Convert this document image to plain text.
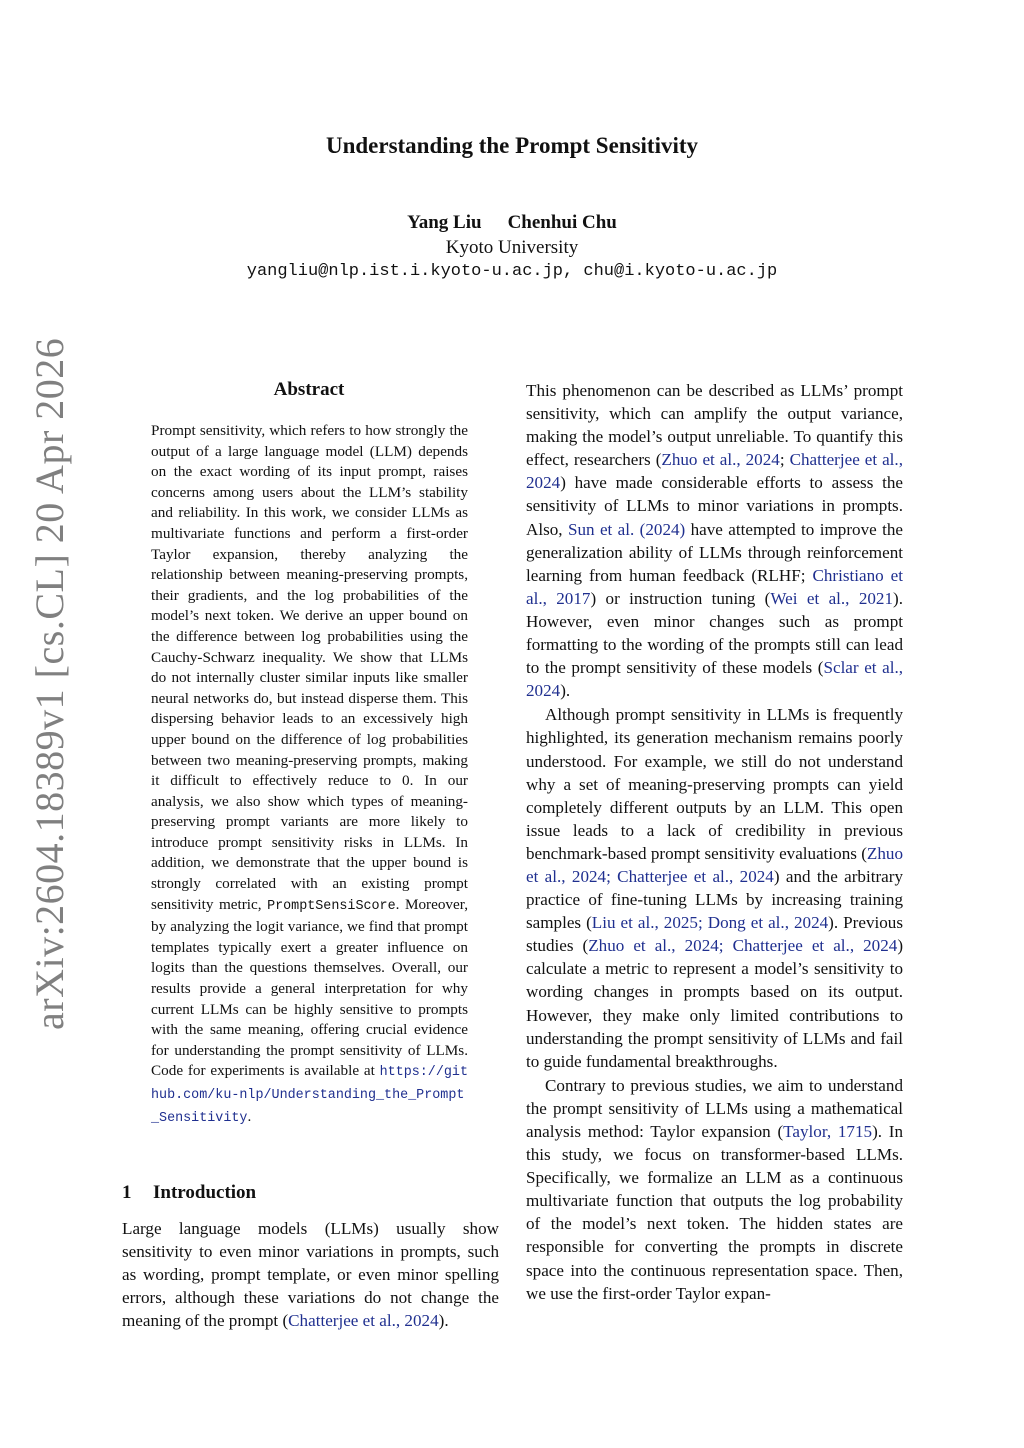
Understanding the Prompt Sensitivity
Yang Liu Chenhui Chu
Kyoto University
yangliu@nlp.ist.i.kyoto-u.ac.jp, chu@i.kyoto-u.ac.jp
arXiv:2604.18389v1 [cs.CL] 20 Apr 2026	Abstract
Prompt sensitivity, which refers to how strongly the output of a large language model (LLM) depends on the exact wording of its input prompt, raises concerns among users about the LLM’s stability and reliability. In this work, we consider LLMs as multivariate functions and perform a first-order Taylor expansion, thereby analyzing the relationship between meaning-preserving prompts, their gradients, and the log probabilities of the model’s next token. We derive an upper bound on the difference between log probabilities using the Cauchy-Schwarz inequality. We show that LLMs do not internally cluster similar inputs like smaller neural networks do, but instead disperse them. This dispersing behavior leads to an excessively high upper bound on the difference of log probabilities between two meaning-preserving prompts, making it difficult to effectively reduce to 0. In our analysis, we also show which types of meaning-preserving prompt variants are more likely to introduce prompt sensitivity risks in LLMs. In addition, we demonstrate that the upper bound is strongly correlated with an existing prompt sensitivity metric, PromptSensiScore. Moreover, by analyzing the logit variance, we find that prompt templates typically exert a greater influence on logits than the questions themselves. Overall, our results provide a general interpretation for why current LLMs can be highly sensitive to prompts with the same meaning, offering crucial evidence for understanding the prompt sensitivity of LLMs. Code for experiments is available at https://github.com/ku-nlp/Understanding_the_Prompt_Sensitivity.
1 Introduction

Large language models (LLMs) usually show sensitivity to even minor variations in prompts, such as wording, prompt template, or even minor spelling errors, although these variations do not change the meaning of the prompt (Chatterjee et al., 2024).

This phenomenon can be described as LLMs’ prompt sensitivity, which can amplify the output variance, making the model’s output unreliable. To quantify this effect, researchers (Zhuo et al., 2024; Chatterjee et al., 2024) have made considerable efforts to assess the sensitivity of LLMs to minor variations in prompts. Also, Sun et al. (2024) have attempted to improve the generalization ability of LLMs through reinforcement learning from human feedback (RLHF; Christiano et al., 2017) or instruction tuning (Wei et al., 2021). However, even minor changes such as prompt formatting to the wording of the prompts still can lead to the prompt sensitivity of these models (Sclar et al., 2024).

Although prompt sensitivity in LLMs is frequently highlighted, its generation mechanism remains poorly understood. For example, we still do not understand why a set of meaning-preserving prompts can yield completely different outputs by an LLM. This open issue leads to a lack of credibility in previous benchmark-based prompt sensitivity evaluations (Zhuo et al., 2024; Chatterjee et al., 2024) and the arbitrary practice of fine-tuning LLMs by increasing training samples (Liu et al., 2025; Dong et al., 2024). Previous studies (Zhuo et al., 2024; Chatterjee et al., 2024) calculate a metric to represent a model’s sensitivity to wording changes in prompts based on its output. However, they make only limited contributions to understanding the prompt sensitivity of LLMs and fail to guide fundamental breakthroughs.

Contrary to previous studies, we aim to understand the prompt sensitivity of LLMs using a mathematical analysis method: Taylor expansion (Taylor, 1715). In this study, we focus on transformer-based LLMs. Specifically, we formalize an LLM as a continuous multivariate function that outputs the log probability of the model’s next token. The hidden states are responsible for converting the prompts in discrete space into the continuous representation space. Then, we use the first-order Taylor expan-
